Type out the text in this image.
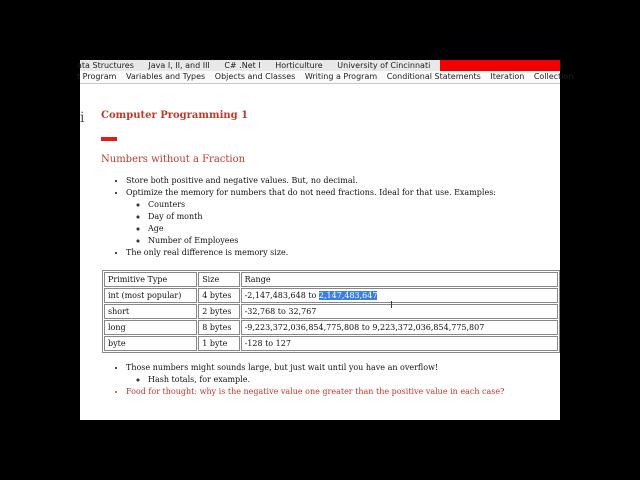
ata Structures Java I, II, and III C# .Net I Horticulture University of Cincinnati
t Program Variables and Types Objects and Classes Writing a Program Conditional Statements Iteration Collection
i Computer Programming 1
Numbers without a Fraction
• Store both positive and negative values. But, no decimal.
• Optimize the memory for numbers that do not need fractions. Ideal for that use. Examples:
◦ Counters
◦ Day of month
◦ Age
◦ Number of Employees
• The only real difference is memory size.
Primitive Type	Size	Range
int (most popular)	4 bytes	-2,147,483,648 to 2,147,483,647
short	2 bytes	-32,768 to 32,767
long	8 bytes	-9,223,372,036,854,775,808 to 9,223,372,036,854,775,807
byte	1 byte	-128 to 127
I
• Those numbers might sounds large, but just wait until you have an overflow!
◦ Hash totals, for example.
• Food for thought: why is the negative value one greater than the positive value in each case?
